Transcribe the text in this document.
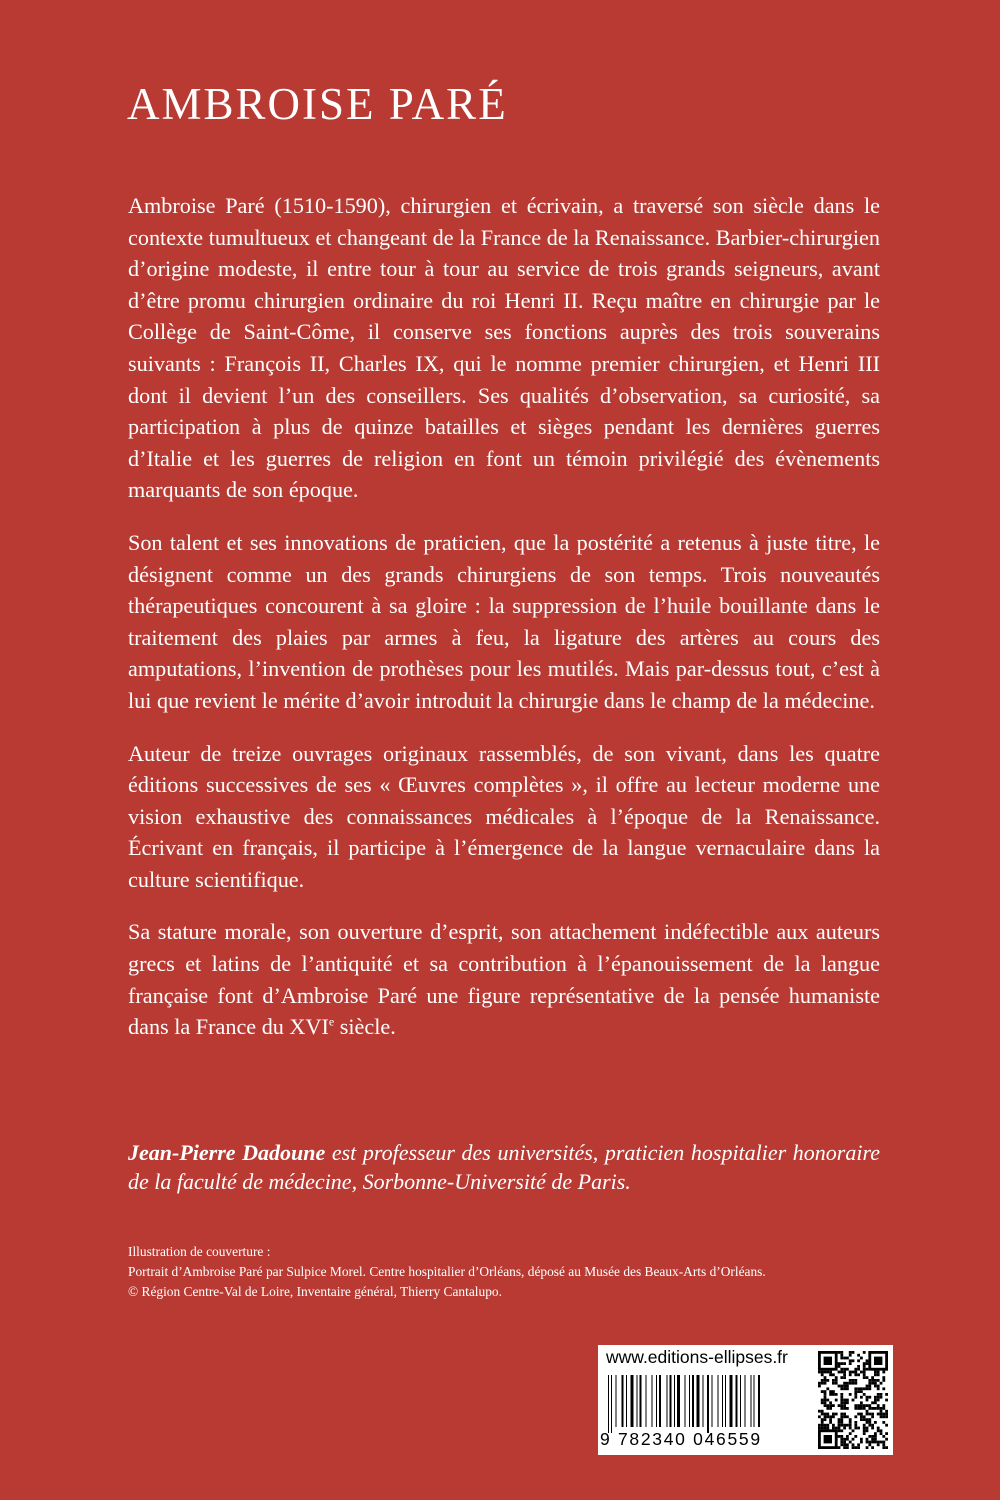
AMBROISE PARÉ

Ambroise Paré (1510-1590), chirurgien et écrivain, a traversé son siècle dans le contexte tumultueux et changeant de la France de la Renaissance. Barbier-chirurgien d’origine modeste, il entre tour à tour au service de trois grands seigneurs, avant d’être promu chirurgien ordinaire du roi Henri II. Reçu maître en chirurgie par le Collège de Saint-Côme, il conserve ses fonctions auprès des trois souverains suivants : François II, Charles IX, qui le nomme premier chirurgien, et Henri III dont il devient l’un des conseillers. Ses qualités d’observation, sa curiosité, sa participation à plus de quinze batailles et sièges pendant les dernières guerres d’Italie et les guerres de religion en font un témoin privilégié des évènements marquants de son époque.

Son talent et ses innovations de praticien, que la postérité a retenus à juste titre, le désignent comme un des grands chirurgiens de son temps. Trois nouveautés thérapeutiques concourent à sa gloire : la suppression de l’huile bouillante dans le traitement des plaies par armes à feu, la ligature des artères au cours des amputations, l’invention de prothèses pour les mutilés. Mais par-dessus tout, c’est à lui que revient le mérite d’avoir introduit la chirurgie dans le champ de la médecine.

Auteur de treize ouvrages originaux rassemblés, de son vivant, dans les quatre éditions successives de ses « Œuvres complètes », il offre au lecteur moderne une vision exhaustive des connaissances médicales à l’époque de la Renaissance. Écrivant en français, il participe à l’émergence de la langue vernaculaire dans la culture scientifique.

Sa stature morale, son ouverture d’esprit, son attachement indéfectible aux auteurs grecs et latins de l’antiquité et sa contribution à l’épanouissement de la langue française font d’Ambroise Paré une figure représentative de la pensée humaniste dans la France du XVIe siècle.

Jean-Pierre Dadoune est professeur des universités, praticien hospitalier honoraire de la faculté de médecine, Sorbonne-Université de Paris.

Illustration de couverture :
Portrait d’Ambroise Paré par Sulpice Morel. Centre hospitalier d’Orléans, déposé au Musée des Beaux-Arts d’Orléans.
© Région Centre-Val de Loire, Inventaire général, Thierry Cantalupo.
www.editions-ellipses.fr
9 782340 046559
